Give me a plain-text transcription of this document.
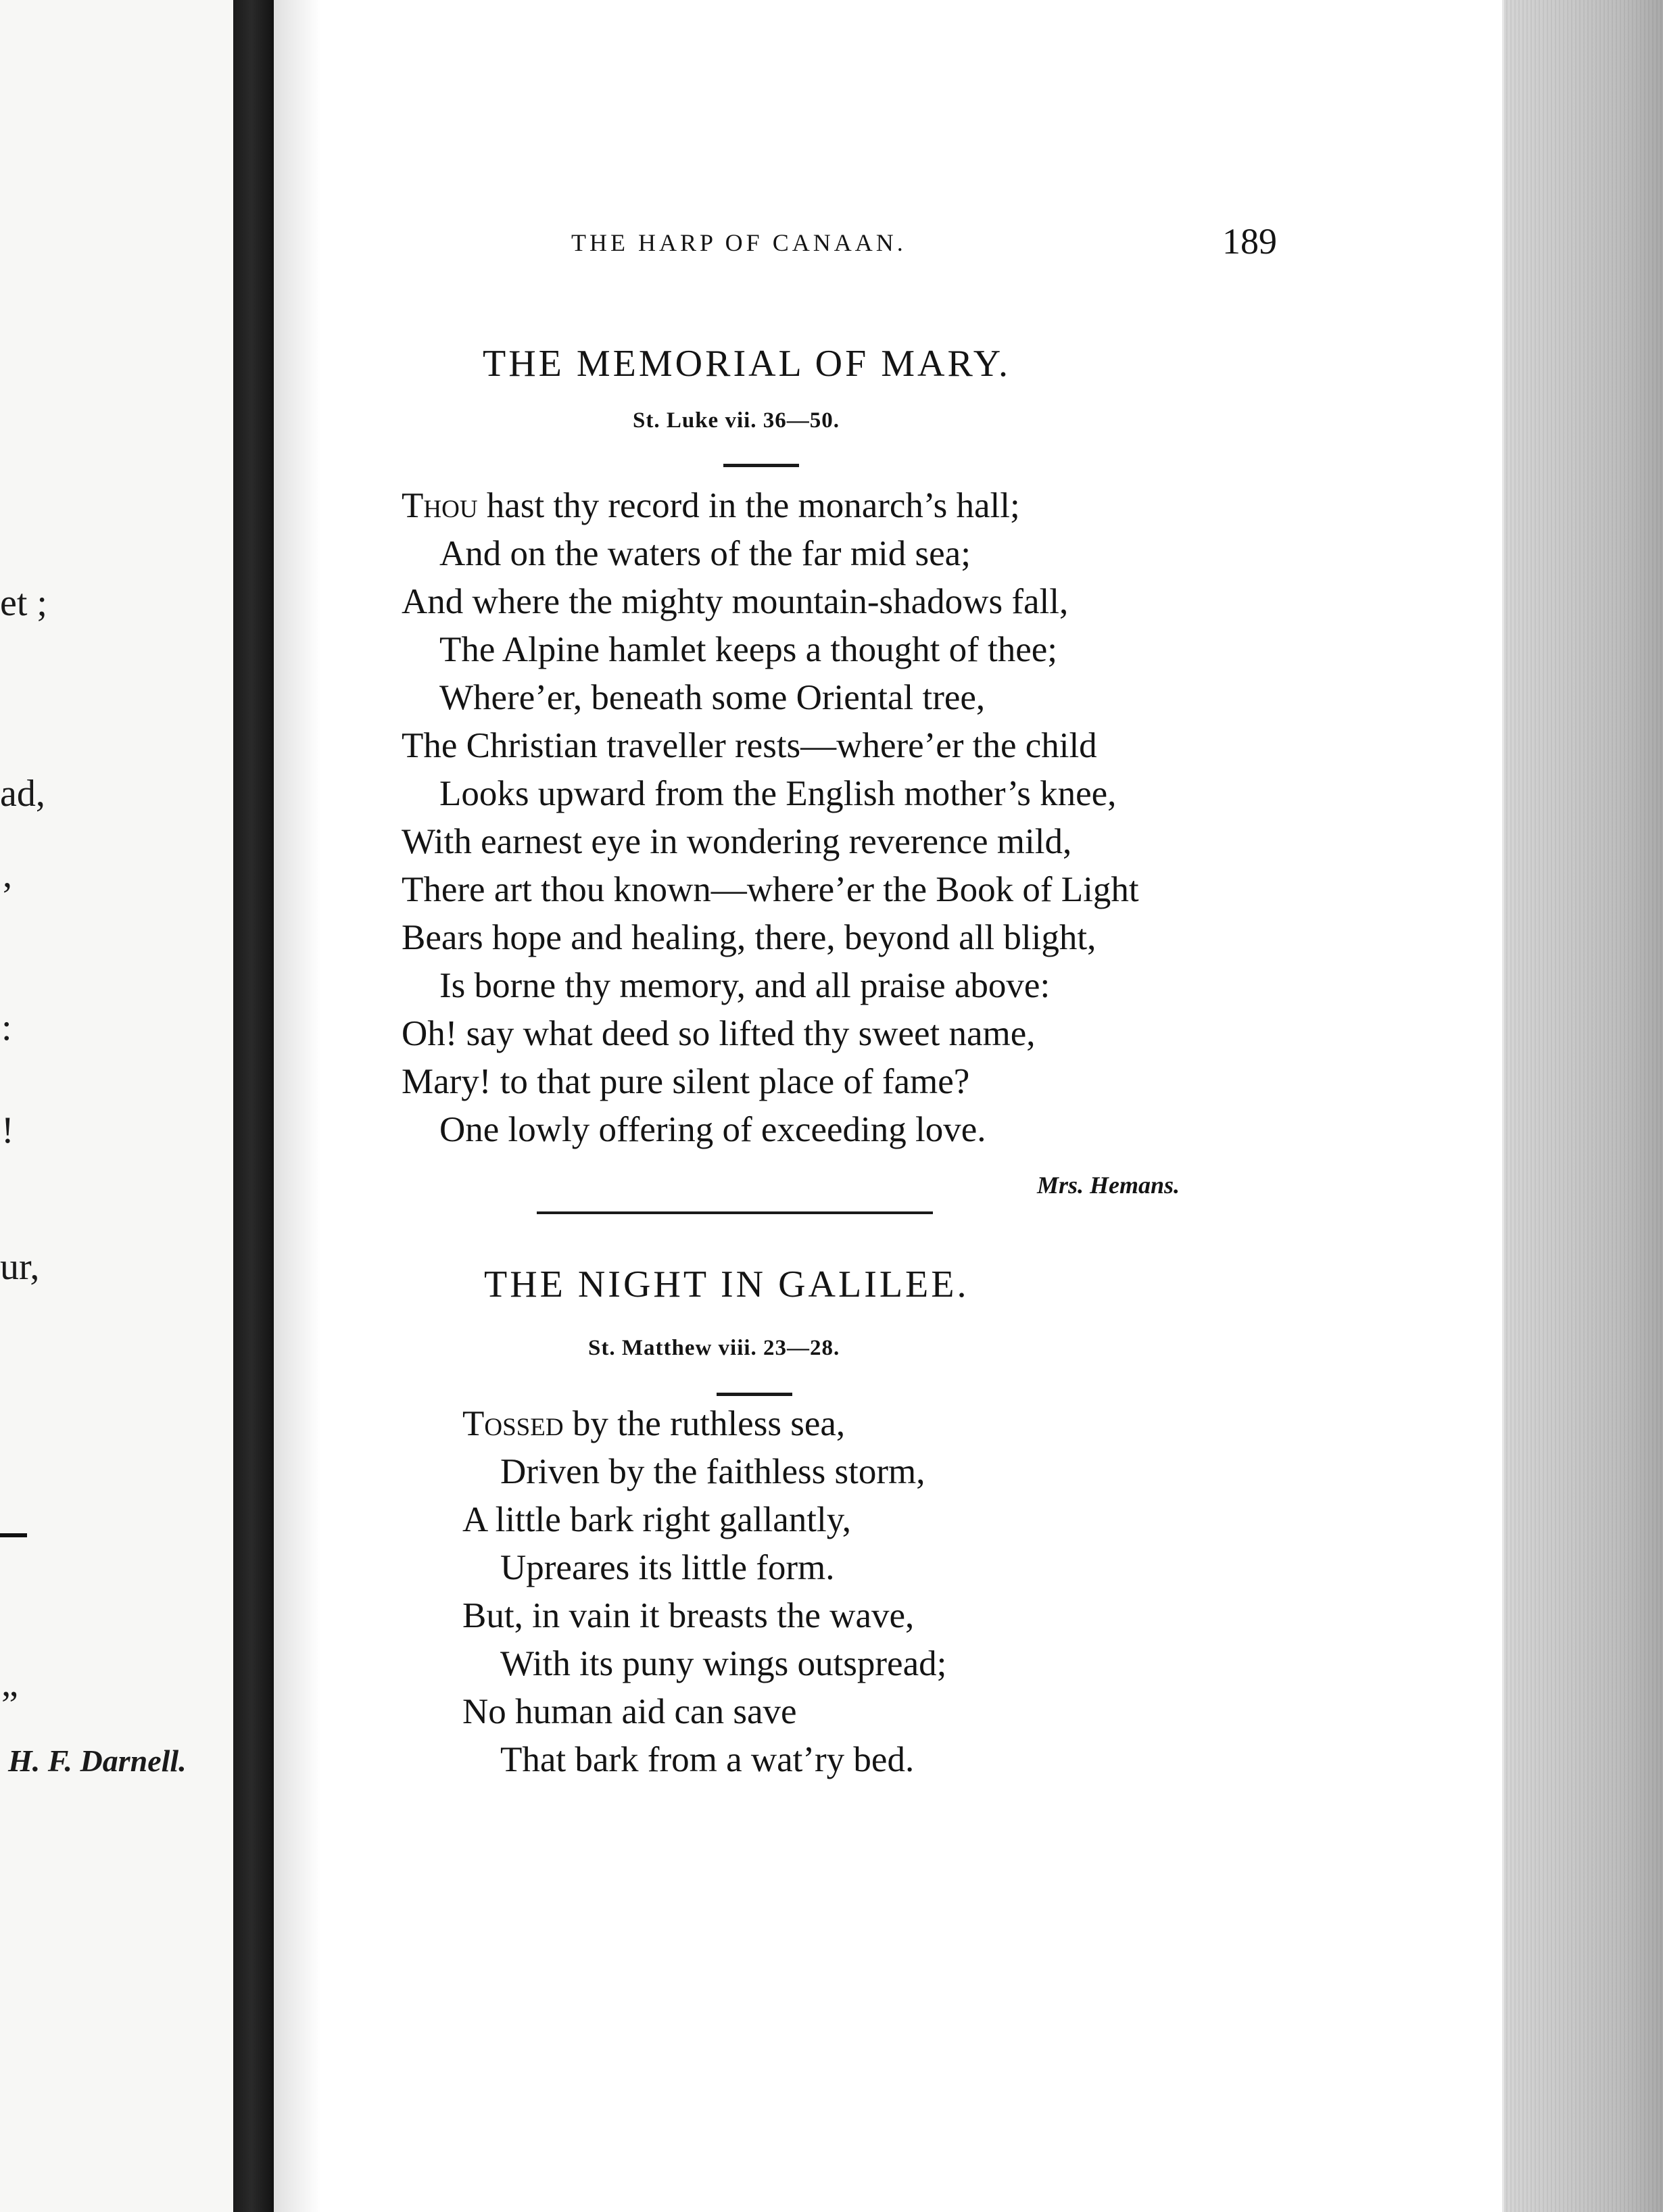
et ;
ad,
,
:
!
ur,
”
H. F. Darnell.
THE HARP OF CANAAN.	189
THE MEMORIAL OF MARY.
St. Luke vii. 36—50.
Thou hast thy record in the monarch’s hall;
And on the waters of the far mid sea;
And where the mighty mountain-shadows fall,
The Alpine hamlet keeps a thought of thee;
Where’er, beneath some Oriental tree,
The Christian traveller rests—where’er the child
Looks upward from the English mother’s knee,
With earnest eye in wondering reverence mild,
There art thou known—where’er the Book of Light
Bears hope and healing, there, beyond all blight,
Is borne thy memory, and all praise above:
Oh! say what deed so lifted thy sweet name,
Mary! to that pure silent place of fame?
One lowly offering of exceeding love.
Mrs. Hemans.
THE NIGHT IN GALILEE.
St. Matthew viii. 23—28.
Tossed by the ruthless sea,
Driven by the faithless storm,
A little bark right gallantly,
Upreares its little form.
But, in vain it breasts the wave,
With its puny wings outspread;
No human aid can save
That bark from a wat’ry bed.
